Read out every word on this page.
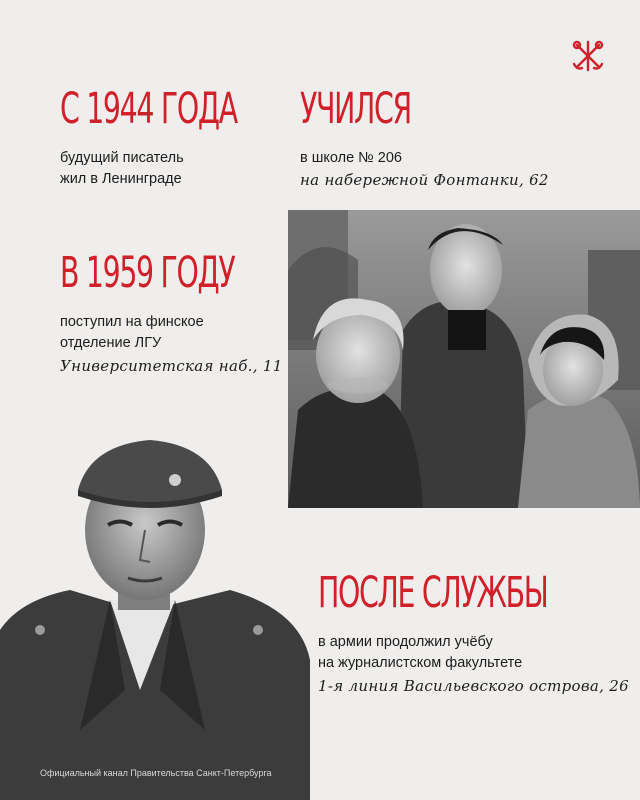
С 1944 ГОДА
будущий писатель
жил в Ленинграде
УЧИЛСЯ
в школе № 206
на набережной Фонтанки, 62
В 1959 ГОДУ
поступил на финское
отделение ЛГУ
Университетская наб., 11
ПОСЛЕ СЛУЖБЫ
в армии продолжил учёбу
на журналистском факультете
1-я линия Васильевского острова, 26
Официальный канал Правительства Санкт-Петербурга
